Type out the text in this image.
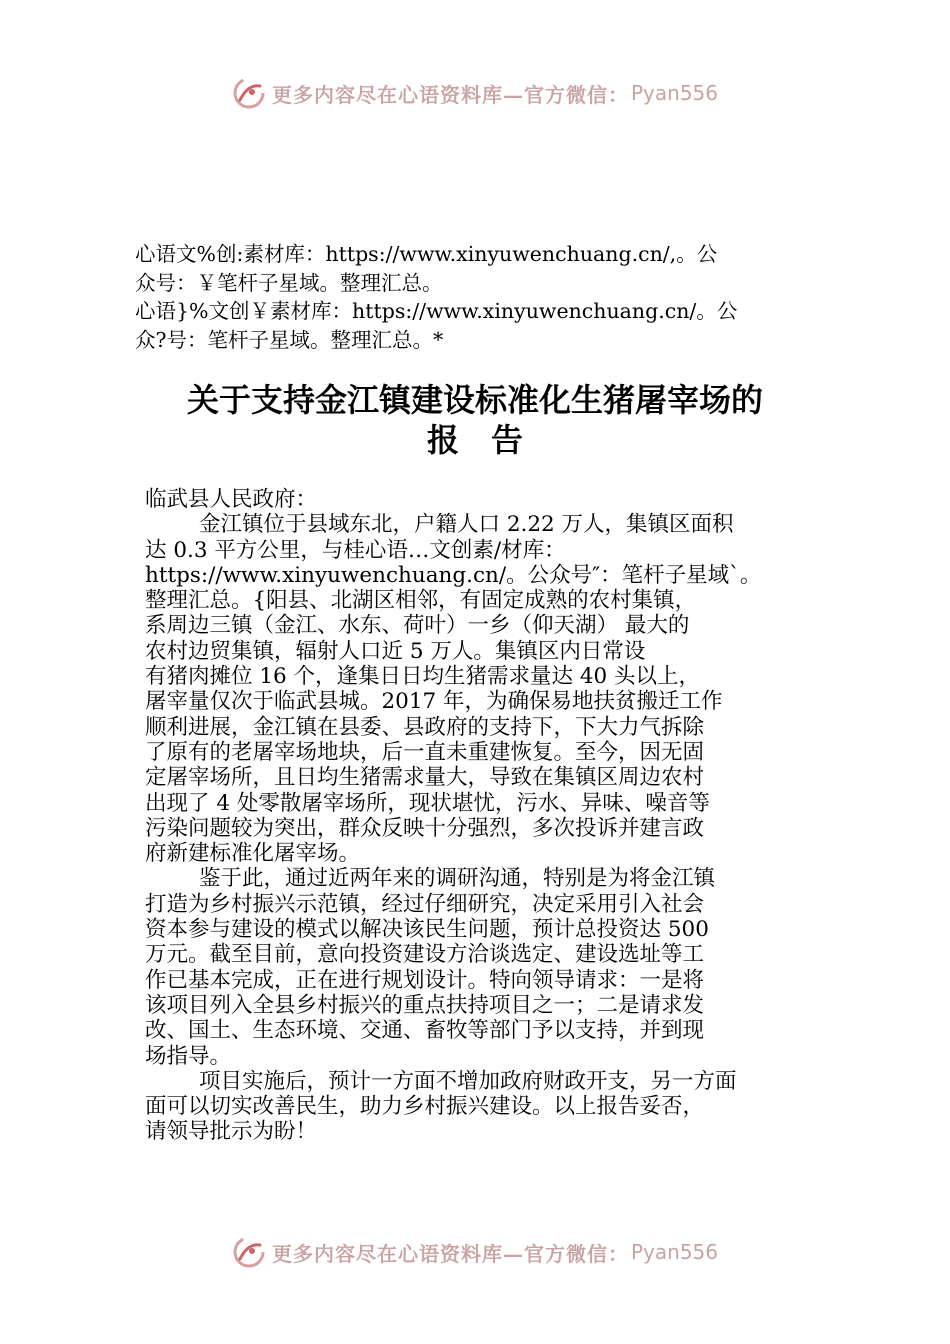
更多内容尽在心语资料库—官方微信： Pyan556

心语文%创:素材库：https://www.xinyuwenchuang.cn/,。公

众号：￥笔杆子星域。整理汇总。

心语}%文创￥素材库：https://www.xinyuwenchuang.cn/。公

众?号：笔杆子星域。整理汇总。*

关于支持金江镇建设标准化生猪屠宰场的
报告

临武县人民政府：

金江镇位于县域东北，户籍人口 2.22 万人，集镇区面积

达 0.3 平方公里，与桂心语…文创素/材库：

https://www.xinyuwenchuang.cn/。公众号″：笔杆子星域`。

整理汇总。{阳县、北湖区相邻，有固定成熟的农村集镇，

系周边三镇（金江、水东、荷叶）一乡（仰天湖） 最大的

农村边贸集镇，辐射人口近 5 万人。集镇区内日常设

有猪肉摊位 16 个，逢集日日均生猪需求量达 40 头以上，

屠宰量仅次于临武县城。2017 年，为确保易地扶贫搬迁工作

顺利进展，金江镇在县委、县政府的支持下，下大力气拆除

了原有的老屠宰场地块，后一直未重建恢复。至今，因无固

定屠宰场所，且日均生猪需求量大，导致在集镇区周边农村

出现了 4 处零散屠宰场所，现状堪忧，污水、异味、噪音等

污染问题较为突出，群众反映十分强烈，多次投诉并建言政

府新建标准化屠宰场。

鉴于此，通过近两年来的调研沟通，特别是为将金江镇

打造为乡村振兴示范镇，经过仔细研究，决定采用引入社会

资本参与建设的模式以解决该民生问题，预计总投资达 500

万元。截至目前，意向投资建设方洽谈选定、建设选址等工

作已基本完成，正在进行规划设计。特向领导请求：一是将

该项目列入全县乡村振兴的重点扶持项目之一；二是请求发

改、国土、生态环境、交通、畜牧等部门予以支持，并到现

场指导。

项目实施后，预计一方面不增加政府财政开支，另一方面

面可以切实改善民生，助力乡村振兴建设。以上报告妥否，

请领导批示为盼！

更多内容尽在心语资料库—官方微信： Pyan556
